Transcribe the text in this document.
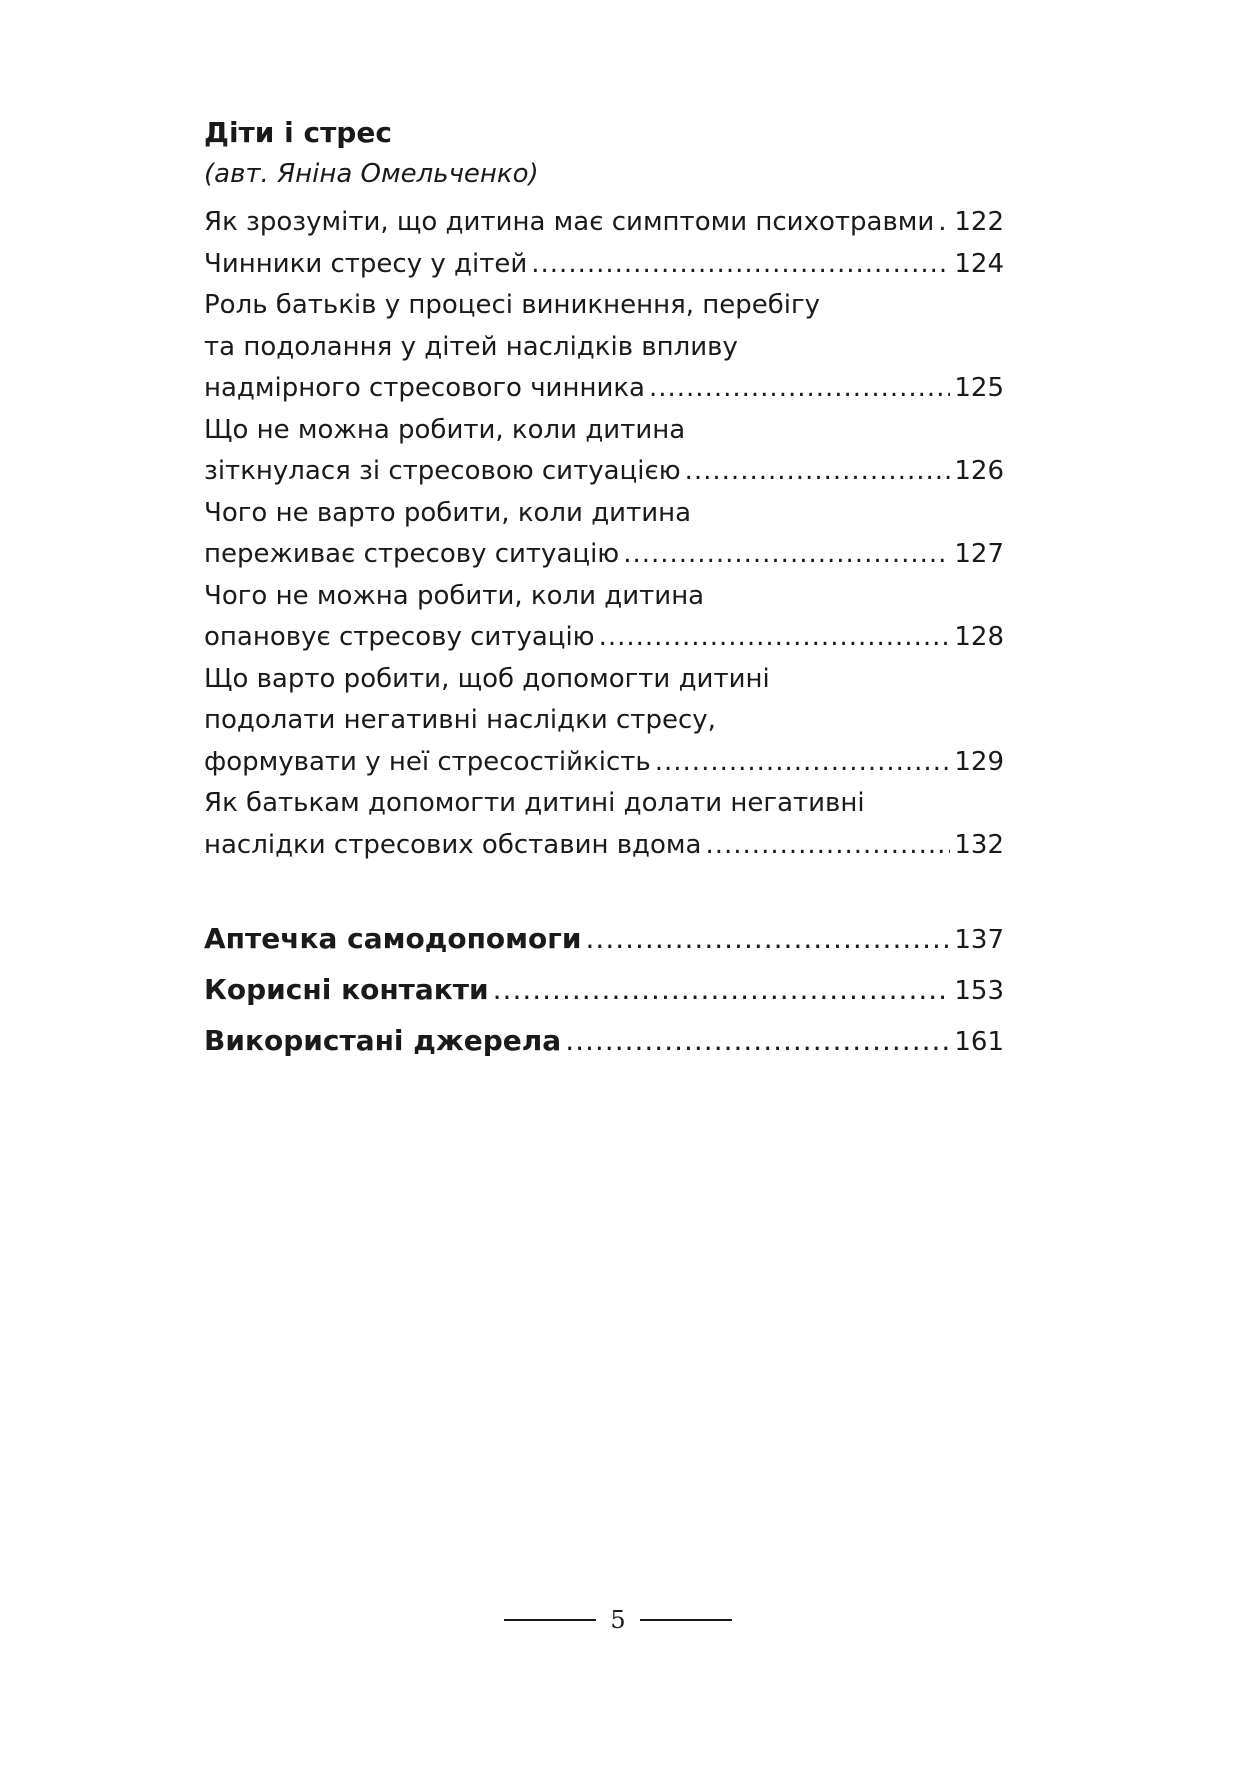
Діти і стрес

(авт. Яніна Омельченко)

Як зрозуміти, що дитина має симптоми психотравми ..... 122
Чинники стресу у дітей .....	124
Роль батьків у процесі виникнення, перебігу
та подолання у дітей наслідків впливу
надмірного стресового чинника .....	125
Що не можна робити, коли дитина
зіткнулася зі стресовою ситуацією .....	126
Чого не варто робити, коли дитина
переживає стресову ситуацію .....	127
Чого не можна робити, коли дитина
опановує стресову ситуацію .....	128
Що варто робити, щоб допомогти дитині
подолати негативні наслідки стресу,
формувати у неї стресостійкість .....	129
Як батькам допомогти дитині долати негативні
наслідки стресових обставин вдома .....	132
Аптечка самодопомоги .....	137
Корисні контакти .....	153
Використані джерела .....	161
5
